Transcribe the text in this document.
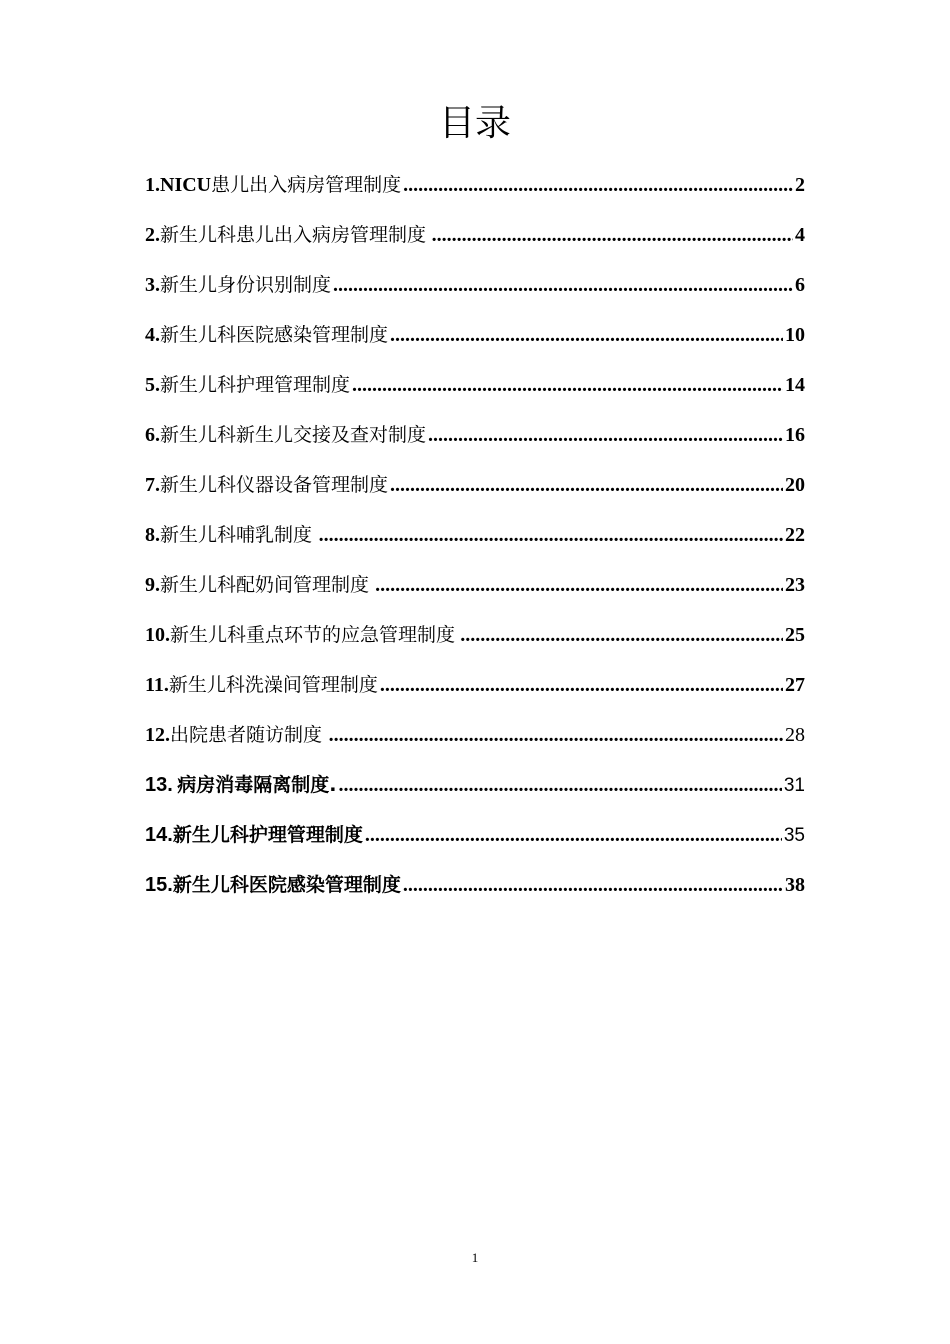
目录
1. NICU 患儿出入病房管理制度 .....	2
2. 新生儿科患儿出入病房管理制度 .....	4
3. 新生儿身份识别制度 .....	6
4. 新生儿科医院感染管理制度 .....	10
5. 新生儿科护理管理制度 .....	14
6. 新生儿科新生儿交接及查对制度 .....	16
7. 新生儿科仪器设备管理制度 .....	20
8. 新生儿科哺乳制度 .....	22
9. 新生儿科配奶间管理制度 .....	23
10. 新生儿科重点环节的应急管理制度 .....	25
11. 新生儿科洗澡间管理制度 .....	27
12. 出院患者随访制度 .....	28
13. 病房消毒隔离制度. .....	31
14. 新生儿科护理管理制度 .....	35
15. 新生儿科医院感染管理制度 .....	38
1
